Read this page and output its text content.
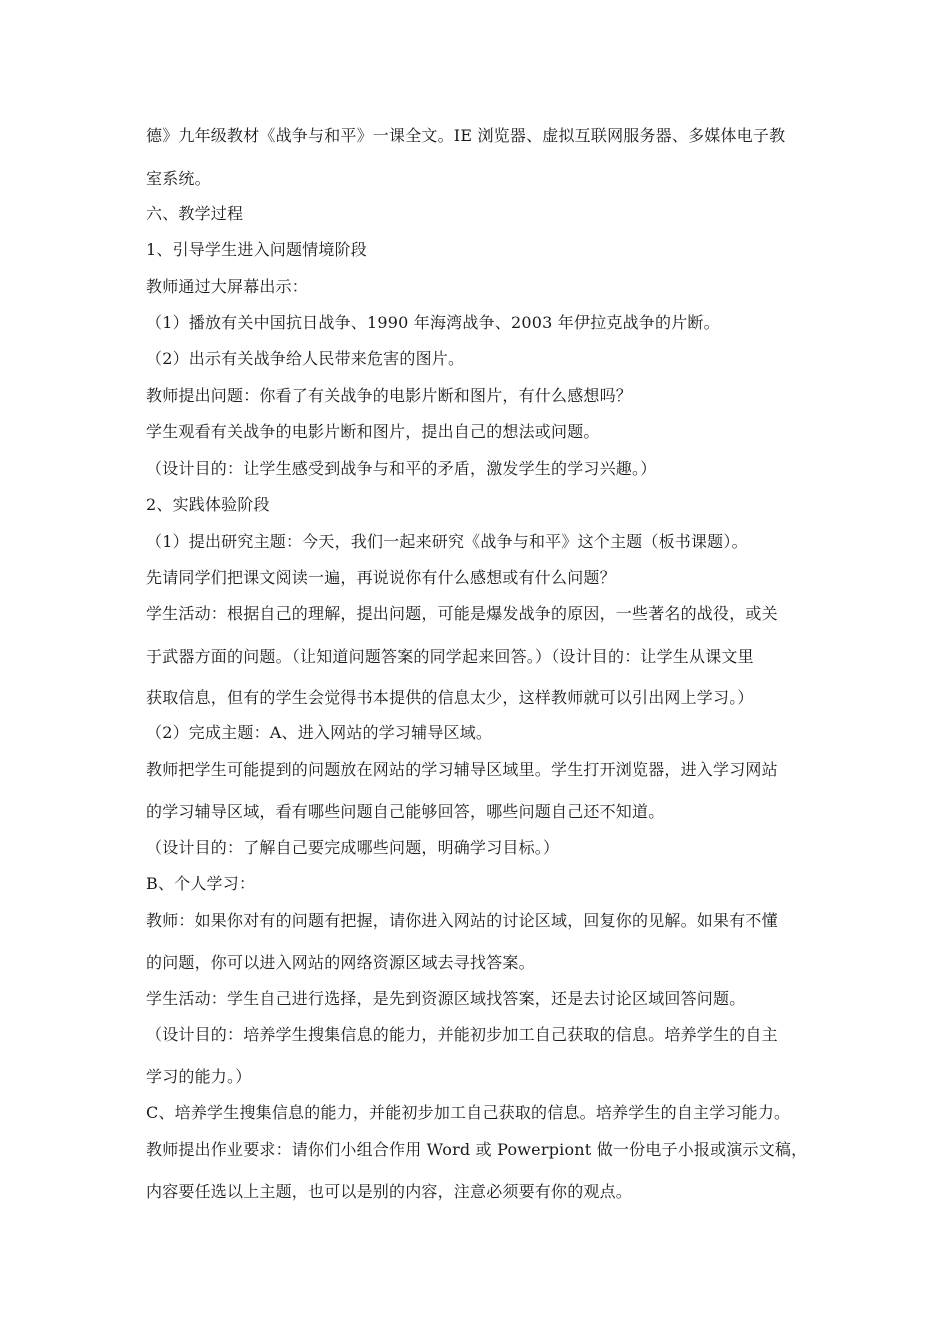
德》九年级教材《战争与和平》一课全文。IE 浏览器、虚拟互联网服务器、多媒体电子教
室系统。
六、教学过程
1、引导学生进入问题情境阶段
教师通过大屏幕出示：
（1）播放有关中国抗日战争、1990 年海湾战争、2003 年伊拉克战争的片断。
（2）出示有关战争给人民带来危害的图片。
教师提出问题：你看了有关战争的电影片断和图片，有什么感想吗？
学生观看有关战争的电影片断和图片，提出自己的想法或问题。
（设计目的：让学生感受到战争与和平的矛盾，激发学生的学习兴趣。）
2、实践体验阶段
（1）提出研究主题：今天，我们一起来研究《战争与和平》这个主题（板书课题）。
先请同学们把课文阅读一遍，再说说你有什么感想或有什么问题？
学生活动：根据自己的理解，提出问题，可能是爆发战争的原因，一些著名的战役，或关
于武器方面的问题。（让知道问题答案的同学起来回答。）（设计目的：让学生从课文里
获取信息，但有的学生会觉得书本提供的信息太少，这样教师就可以引出网上学习。）
（2）完成主题：A、进入网站的学习辅导区域。
教师把学生可能提到的问题放在网站的学习辅导区域里。学生打开浏览器，进入学习网站
的学习辅导区域，看有哪些问题自己能够回答，哪些问题自己还不知道。
（设计目的：了解自己要完成哪些问题，明确学习目标。）
B、个人学习：
教师：如果你对有的问题有把握，请你进入网站的讨论区域，回复你的见解。如果有不懂
的问题，你可以进入网站的网络资源区域去寻找答案。
学生活动：学生自己进行选择，是先到资源区域找答案，还是去讨论区域回答问题。
（设计目的：培养学生搜集信息的能力，并能初步加工自己获取的信息。培养学生的自主
学习的能力。）
C、培养学生搜集信息的能力，并能初步加工自己获取的信息。培养学生的自主学习能力。
教师提出作业要求：请你们小组合作用 Word 或 Powerpiont 做一份电子小报或演示文稿，
内容要任选以上主题，也可以是别的内容，注意必须要有你的观点。
